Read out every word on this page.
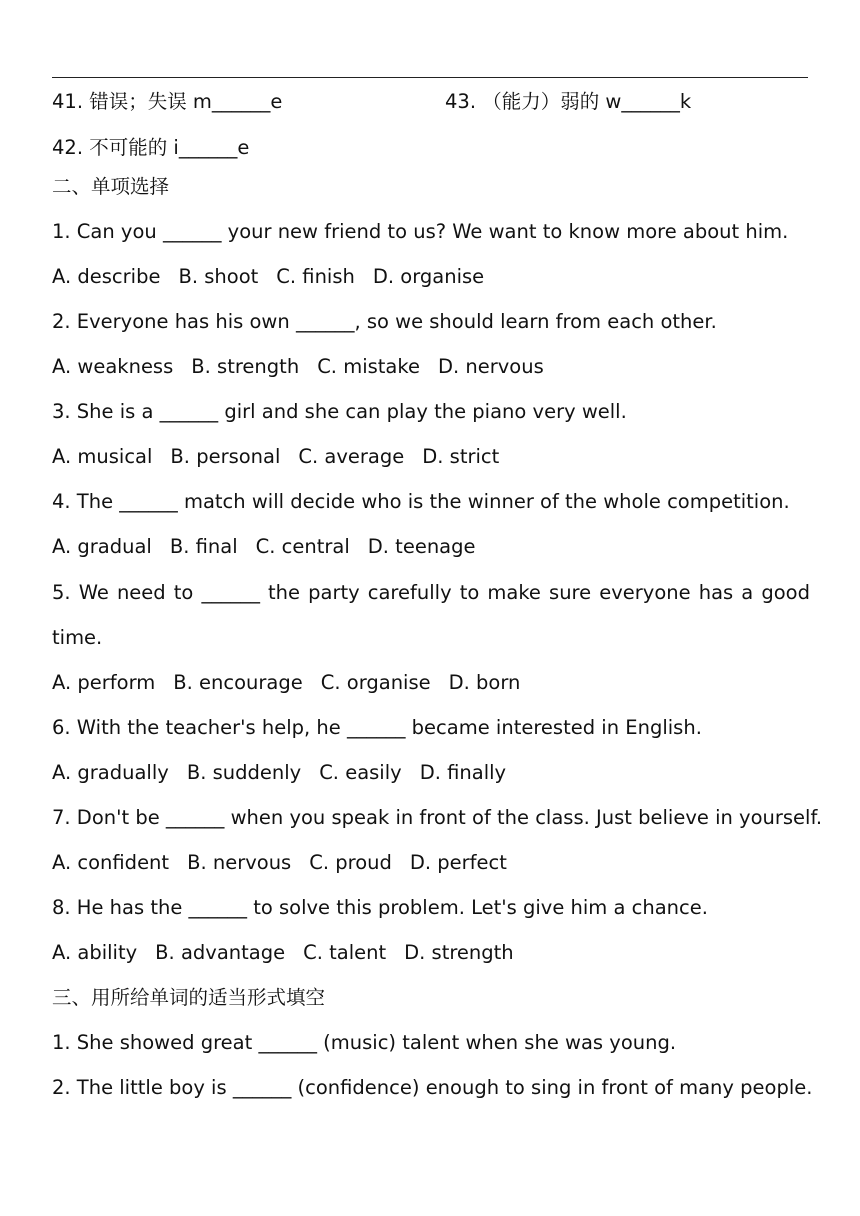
41. 错误；失误 m______e	43. （能力）弱的 w______k
42. 不可能的 i______e
二、单项选择
1. Can you ______ your new friend to us? We want to know more about him.
A. describe B. shoot C. finish D. organise
2. Everyone has his own ______, so we should learn from each other.
A. weakness B. strength C. mistake D. nervous
3. She is a ______ girl and she can play the piano very well.
A. musical B. personal C. average D. strict
4. The ______ match will decide who is the winner of the whole competition.
A. gradual B. final C. central D. teenage
5. We need to ______ the party carefully to make sure everyone has a good
time.
A. perform B. encourage C. organise D. born
6. With the teacher's help, he ______ became interested in English.
A. gradually B. suddenly C. easily D. finally
7. Don't be ______ when you speak in front of the class. Just believe in yourself.
A. confident B. nervous C. proud D. perfect
8. He has the ______ to solve this problem. Let's give him a chance.
A. ability B. advantage C. talent D. strength
三、用所给单词的适当形式填空
1. She showed great ______ (music) talent when she was young.
2. The little boy is ______ (confidence) enough to sing in front of many people.
